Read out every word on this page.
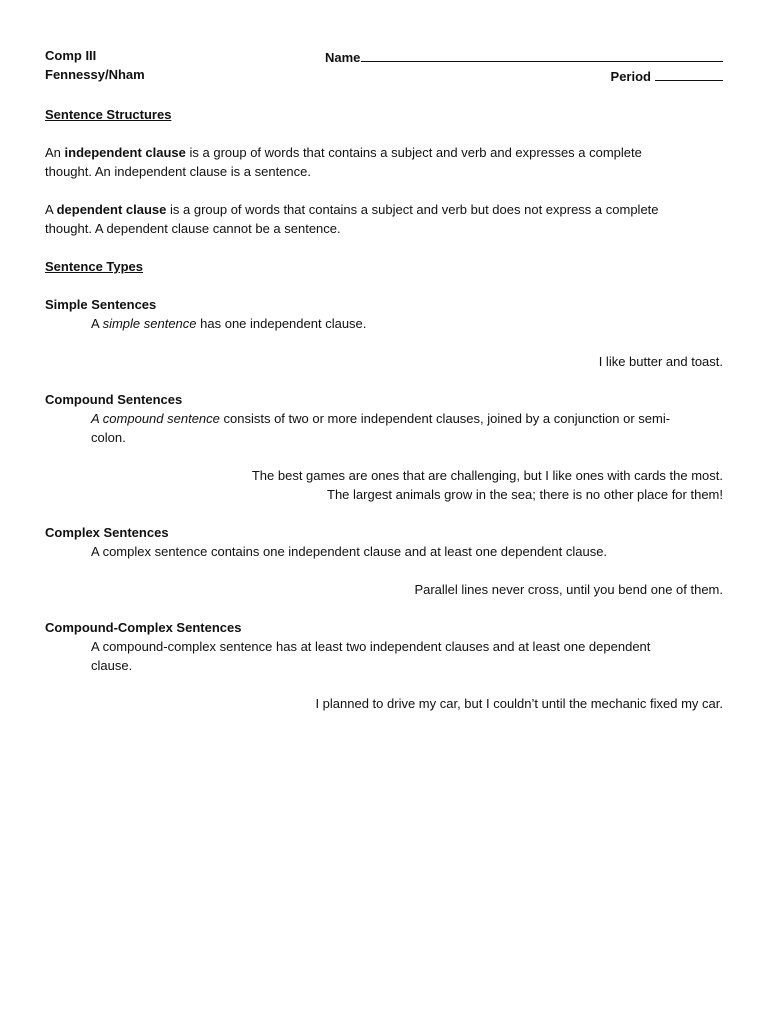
Comp III	Name
Fennessy/Nham	Period

Sentence Structures

An independent clause is a group of words that contains a subject and verb and expresses a complete

thought. An independent clause is a sentence.

A dependent clause is a group of words that contains a subject and verb but does not express a complete

thought. A dependent clause cannot be a sentence.

Sentence Types

Simple Sentences

A simple sentence has one independent clause.

I like butter and toast.

Compound Sentences

A compound sentence consists of two or more independent clauses, joined by a conjunction or semi-

colon.

The best games are ones that are challenging, but I like ones with cards the most.

The largest animals grow in the sea; there is no other place for them!

Complex Sentences

A complex sentence contains one independent clause and at least one dependent clause.

Parallel lines never cross, until you bend one of them.

Compound-Complex Sentences

A compound-complex sentence has at least two independent clauses and at least one dependent

clause.

I planned to drive my car, but I couldn’t until the mechanic fixed my car.
